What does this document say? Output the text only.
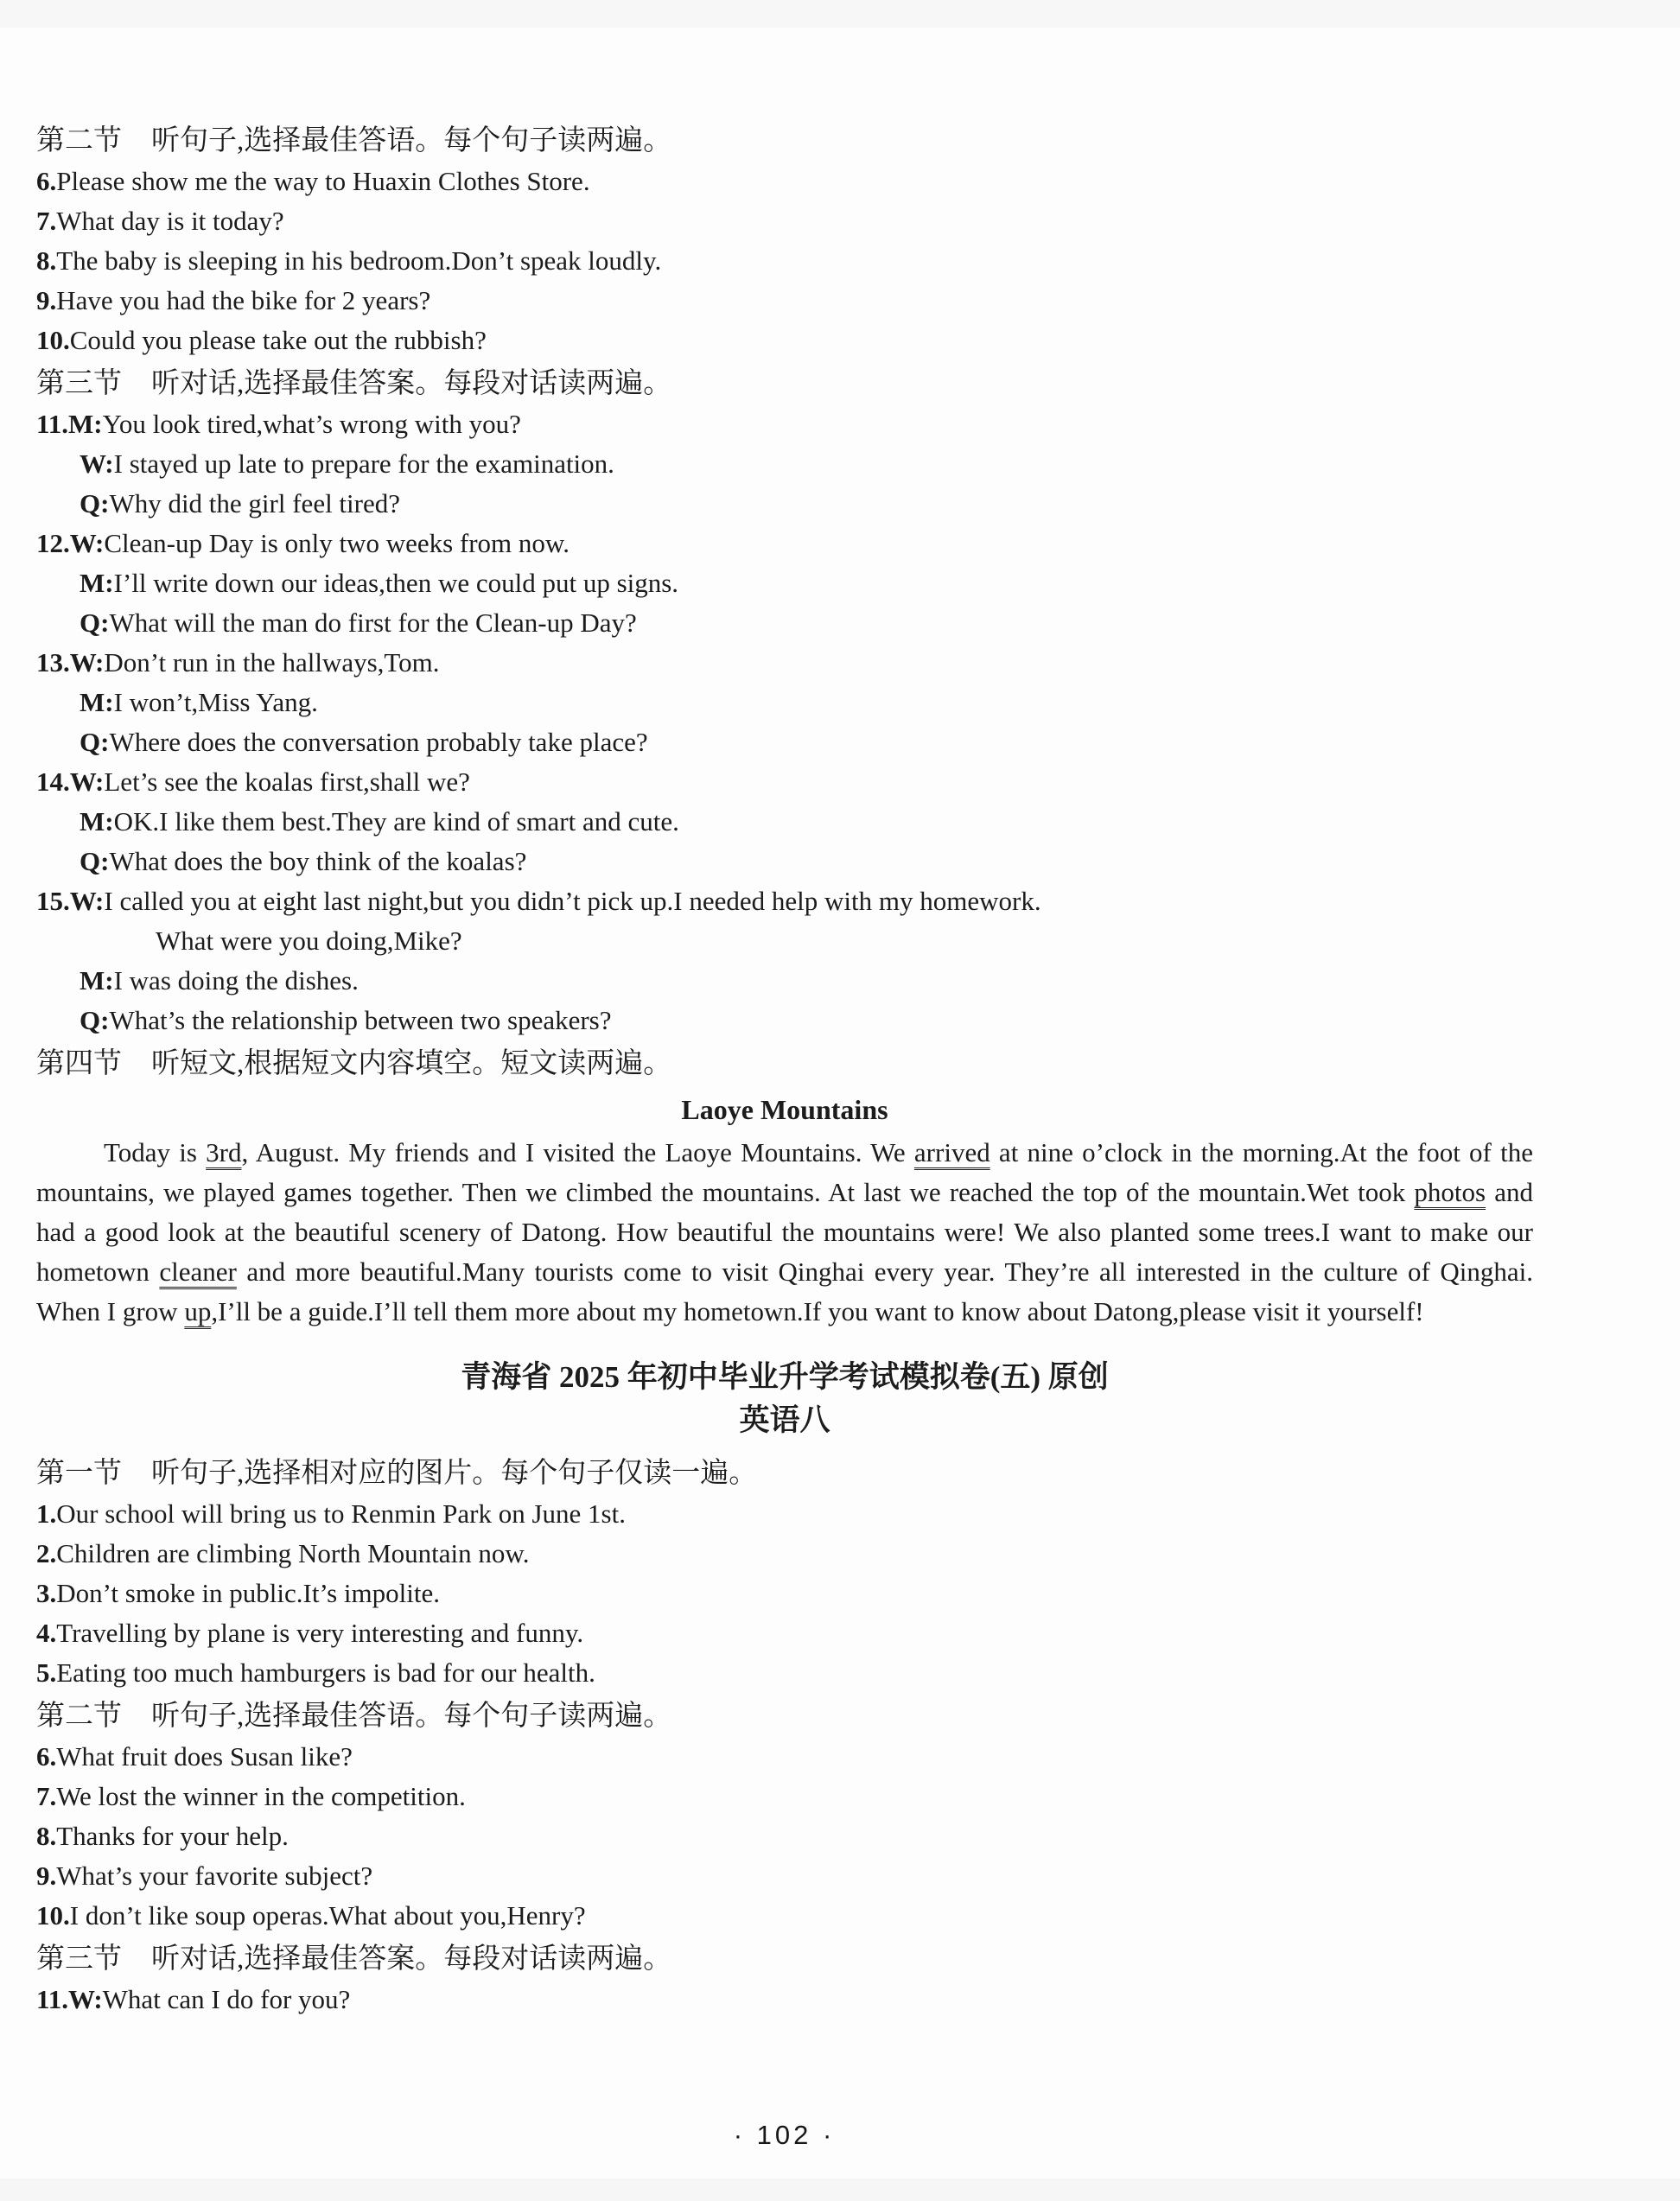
第二节 听句子,选择最佳答语。每个句子读两遍。
6.Please show me the way to Huaxin Clothes Store.
7.What day is it today?
8.The baby is sleeping in his bedroom.Don’t speak loudly.
9.Have you had the bike for 2 years?
10.Could you please take out the rubbish?
第三节 听对话,选择最佳答案。每段对话读两遍。
11.M:You look tired,what’s wrong with you?
W:I stayed up late to prepare for the examination.
Q:Why did the girl feel tired?
12.W:Clean-up Day is only two weeks from now.
M:I’ll write down our ideas,then we could put up signs.
Q:What will the man do first for the Clean-up Day?
13.W:Don’t run in the hallways,Tom.
M:I won’t,Miss Yang.
Q:Where does the conversation probably take place?
14.W:Let’s see the koalas first,shall we?
M:OK.I like them best.They are kind of smart and cute.
Q:What does the boy think of the koalas?
15.W:I called you at eight last night,but you didn’t pick up.I needed help with my homework.
What were you doing,Mike?
M:I was doing the dishes.
Q:What’s the relationship between two speakers?
第四节 听短文,根据短文内容填空。短文读两遍。
Laoye Mountains

Today is 3rd, August. My friends and I visited the Laoye Mountains. We arrived at nine o’clock in the morning.At the foot of the mountains, we played games together. Then we climbed the mountains. At last we reached the top of the mountain.Wet took photos and had a good look at the beautiful scenery of Datong. How beautiful the mountains were! We also planted some trees.I want to make our hometown cleaner and more beautiful.Many tourists come to visit Qinghai every year. They’re all interested in the culture of Qinghai. When I grow up,I’ll be a guide.I’ll tell them more about my hometown.If you want to know about Datong,please visit it yourself!

青海省 2025 年初中毕业升学考试模拟卷(五) 原创
英语八
第一节 听句子,选择相对应的图片。每个句子仅读一遍。
1.Our school will bring us to Renmin Park on June 1st.
2.Children are climbing North Mountain now.
3.Don’t smoke in public.It’s impolite.
4.Travelling by plane is very interesting and funny.
5.Eating too much hamburgers is bad for our health.
第二节 听句子,选择最佳答语。每个句子读两遍。
6.What fruit does Susan like?
7.We lost the winner in the competition.
8.Thanks for your help.
9.What’s your favorite subject?
10.I don’t like soup operas.What about you,Henry?
第三节 听对话,选择最佳答案。每段对话读两遍。
11.W:What can I do for you?
· 102 ·
